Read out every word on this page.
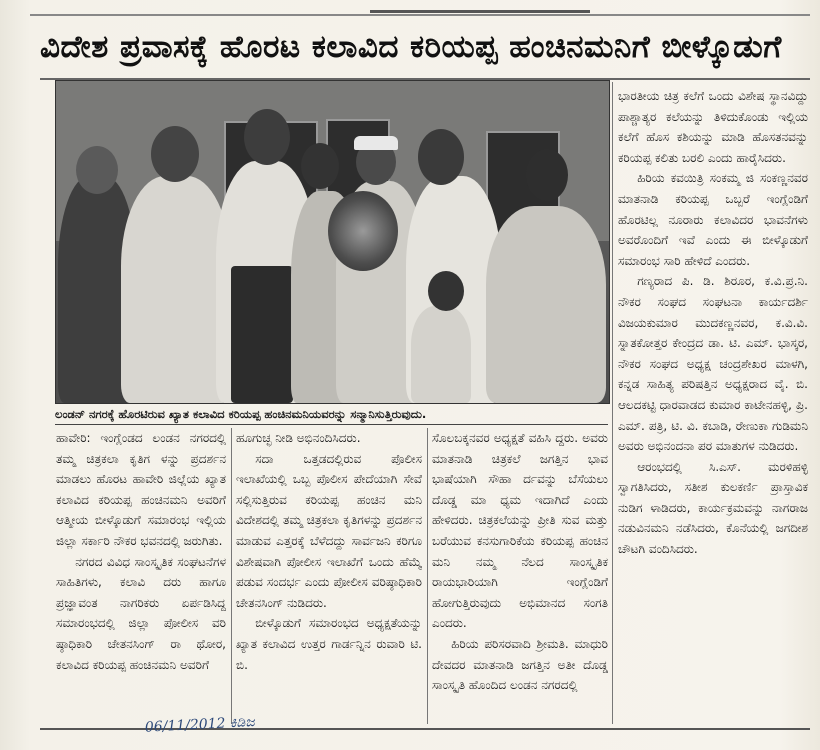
ವಿದೇಶ ಪ್ರವಾಸಕ್ಕೆ ಹೊರಟ ಕಲಾವಿದ ಕರಿಯಪ್ಪ ಹಂಚಿನಮನಿಗೆ ಬೀಳ್ಕೊಡುಗೆ
ಲಂಡನ್ ನಗರಕ್ಕೆ ಹೊರಟಿರುವ ಖ್ಯಾತ ಕಲಾವಿದ ಕರಿಯಪ್ಪ ಹಂಚಿನಮನಿಯವರನ್ನು ಸನ್ಮಾನಿಸುತ್ತಿರುವುದು.

ಭಾರತೀಯ ಚಿತ್ರ ಕಲೆಗೆ ಒಂದು ವಿಶೇಷ ಸ್ಥಾನವಿದ್ದು ಪಾಶ್ಚಾತ್ಯರ ಕಲೆಯನ್ನು ತಿಳಿದುಕೊಂಡು ಇಲ್ಲಿಯ ಕಲೆಗೆ ಹೊಸ ಕಶಿಯನ್ನು ಮಾಡಿ ಹೊಸತನವನ್ನು ಕರಿಯಪ್ಪ ಕಲಿತು ಬರಲಿ ಎಂದು ಹಾರೈಸಿದರು.

ಹಿರಿಯ ಕವಯಿತ್ರಿ ಸಂಕಮ್ಮ ಜಿ ಸಂಕಣ್ಣನವರ ಮಾತನಾಡಿ ಕರಿಯಪ್ಪ ಒಬ್ಬರೆ ಇಂಗ್ಲೆಂಡಿಗೆ ಹೊರಟಿಲ್ಲ ನೂರಾರು ಕಲಾವಿದರ ಭಾವನೆಗಳು ಅವರೊಂದಿಗೆ ಇವೆ ಎಂದು ಈ ಬೀಳ್ಕೊಡುಗೆ ಸಮಾರಂಭ ಸಾರಿ ಹೇಳಿದೆ ಎಂದರು.

ಗಣ್ಯರಾದ ಪಿ. ಡಿ. ಶಿರೂರ, ಕ.ವಿ.ಪ್ರ.ನಿ. ನೌಕರ ಸಂಘದ ಸಂಘಟನಾ ಕಾರ್ಯದರ್ಶಿ ವಿಜಯಕುಮಾರ ಮುದಕಣ್ಣನವರ, ಕ.ವಿ.ವಿ. ಸ್ನಾತಕೋತ್ತರ ಕೇಂದ್ರದ ಡಾ. ಟಿ. ಎಮ್. ಭಾಸ್ಕರ, ನೌಕರ ಸಂಘದ ಅಧ್ಯಕ್ಷ ಚಂದ್ರಶೇಖರ ಮಾಳಗಿ, ಕನ್ನಡ ಸಾಹಿತ್ಯ ಪರಿಷತ್ತಿನ ಅಧ್ಯಕ್ಷರಾದ ವೈ. ಬಿ. ಆಲದಕಟ್ಟಿ ಧಾರವಾಡದ ಕುಮಾರ ಕಾಟೇನಹಳ್ಳಿ, ಪ್ರಿ. ಎಮ್. ಪತ್ರಿ, ಟಿ. ವಿ. ಕಬಾಡಿ, ರೇಣುಕಾ ಗುಡಿಮನಿ ಅವರು ಅಭಿನಂದನಾ ಪರ ಮಾತುಗಳ ನುಡಿದರು.

ಆರಂಭದಲ್ಲಿ ಸಿ.ಎಸ್. ಮರಳಿಹಳ್ಳಿ ಸ್ವಾಗತಿಸಿದರು, ಸತೀಶ ಕುಲಕರ್ಣಿ ಪ್ರಾಸ್ತಾವಿಕ ನುಡಿಗ ಳಾಡಿದರು, ಕಾರ್ಯಕ್ರಮವನ್ನು ನಾಗರಾಜ ನಡುವಿನಮನಿ ನಡೆಸಿದರು, ಕೊನೆಯಲ್ಲಿ ಜಗದೀಶ ಚೌಟಗಿ ವಂದಿಸಿದರು.

ಹಾವೇರಿ: ಇಂಗ್ಲೆಂಡದ ಲಂಡನ ನಗರದಲ್ಲಿ ತಮ್ಮ ಚಿತ್ರಕಲಾ ಕೃತಿಗ ಳನ್ನು ಪ್ರದರ್ಶನ ಮಾಡಲು ಹೊರಟ ಹಾವೇರಿ ಜಿಲ್ಲೆಯ ಖ್ಯಾತ ಕಲಾವಿದ ಕರಿಯಪ್ಪ ಹಂಚಿನಮನಿ ಅವರಿಗೆ ಆತ್ಮೀಯ ಬೀಳ್ಕೊಡುಗೆ ಸಮಾರಂಭ ಇಲ್ಲಿಯ ಜಿಲ್ಲಾ ಸರ್ಕಾರಿ ನೌಕರ ಭವನದಲ್ಲಿ ಜರುಗಿತು.

ನಗರದ ವಿವಿಧ ಸಾಂಸ್ಕೃತಿಕ ಸಂಘಟನೆಗಳ ಸಾಹಿತಿಗಳು, ಕಲಾವಿ ದರು ಹಾಗೂ ಪ್ರಜ್ಞಾವಂತ ನಾಗರಿಕರು ಏರ್ಪಡಿಸಿದ್ದ ಸಮಾರಂಭದಲ್ಲಿ ಜಿಲ್ಲಾ ಪೋಲೀಸ ವರಿ ಷ್ಠಾಧಿಕಾರಿ ಚೇತನಸಿಂಗ್ ರಾ ಥೋರ, ಕಲಾವಿದ ಕರಿಯಪ್ಪ ಹಂಚಿನಮನಿ ಅವರಿಗೆ

ಹೂಗುಚ್ಛ ನೀಡಿ ಅಭಿನಂದಿಸಿದರು.

ಸದಾ ಒತ್ತಡದಲ್ಲಿರುವ ಪೊಲೀಸ ಇಲಾಖೆಯಲ್ಲಿ ಒಬ್ಬ ಪೊಲೀಸ ಪೇದೆಯಾಗಿ ಸೇವೆ ಸಲ್ಲಿಸುತ್ತಿರುವ ಕರಿಯಪ್ಪ ಹಂಚಿನ ಮನಿ ವಿದೇಶದಲ್ಲಿ ತಮ್ಮ ಚಿತ್ರಕಲಾ ಕೃತಿಗಳನ್ನು ಪ್ರದರ್ಶನ ಮಾಡುವ ಎತ್ತರಕ್ಕೆ ಬೆಳೆದದ್ದು ಸಾರ್ವಜನಿ ಕರಿಗೂ ವಿಶೇಷವಾಗಿ ಪೋಲೀಸ ಇಲಾಖೆಗೆ ಒಂದು ಹೆಮ್ಮೆ ಪಡುವ ಸಂದರ್ಭ ಎಂದು ಪೋಲೀಸ ವರಿಷ್ಠಾಧಿಕಾರಿ ಚೇತನಸಿಂಗ್ ನುಡಿದರು.

ಬೀಳ್ಕೊಡುಗೆ ಸಮಾರಂಭದ ಅಧ್ಯಕ್ಷತೆಯನ್ನು ಖ್ಯಾತ ಕಲಾವಿದ ಉತ್ತರ ಗಾರ್ಡನ್ನಿನ ರುವಾರಿ ಟಿ. ಬಿ.

ಸೊಲಬಕ್ಕನವರ ಅಧ್ಯಕ್ಷತೆ ವಹಿಸಿ ದ್ದರು. ಅವರು ಮಾತನಾಡಿ ಚಿತ್ರಕಲೆ ಜಗತ್ತಿನ ಭಾವ ಭಾಷೆಯಾಗಿ ಸೌಹಾ ರ್ದವನ್ನು ಬೆಸೆಯಲು ದೊಡ್ಡ ಮಾ ಧ್ಯಮ ಇದಾಗಿದೆ ಎಂದು ಹೇಳಿದರು. ಚಿತ್ರಕಲೆಯನ್ನು ಪ್ರೀತಿ ಸುವ ಮತ್ತು ಬರೆಯುವ ಕನಸುಗಾರಿಕೆಯ ಕರಿಯಪ್ಪ ಹಂಚಿನ ಮನಿ ನಮ್ಮ ನೆಲದ ಸಾಂಸ್ಕೃತಿಕ ರಾಯಭಾರಿಯಾಗಿ ಇಂಗ್ಲೆಂಡಿಗೆ ಹೋಗುತ್ತಿರುವುದು ಅಭಿಮಾನದ ಸಂಗತಿ ಎಂದರು.

ಹಿರಿಯ ಪರಿಸರವಾದಿ ಶ್ರೀಮತಿ. ಮಾಧುರಿ ದೇವದರ ಮಾತನಾಡಿ ಜಗತ್ತಿನ ಅತೀ ದೊಡ್ಡ ಸಾಂಸ್ಕೃತಿ ಹೊಂದಿದ ಲಂಡನ ನಗರದಲ್ಲಿ

06/11/2012 ಕಿಡಿಜ
